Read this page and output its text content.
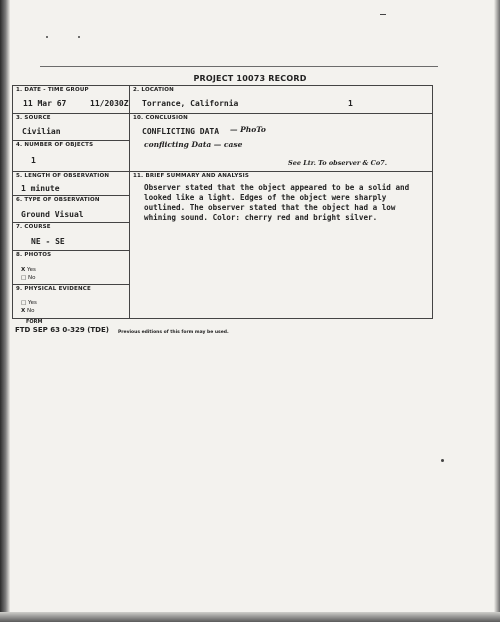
PROJECT 10073 RECORD
1. DATE - TIME GROUP
11 Mar 67	11/2030Z
3. SOURCE
Civilian
4. NUMBER OF OBJECTS
1
5. LENGTH OF OBSERVATION
1 minute
6. TYPE OF OBSERVATION
Ground Visual
7. COURSE
NE - SE
8. PHOTOS
X Yes
□ No
9. PHYSICAL EVIDENCE
□ Yes
X No
2. LOCATION
Torrance, California	1
10. CONCLUSION
CONFLICTING DATA — PhoTo
conflicting Data — case
See Ltr. To observer & Co7.
11. BRIEF SUMMARY AND ANALYSIS
Observer stated that the object appeared to be a solid and looked like a light. Edges of the object were sharply outlined. The observer stated that the object had a low whining sound. Color: cherry red and bright silver.
FORM
FTD SEP 63 0-329 (TDE) Previous editions of this form may be used.
